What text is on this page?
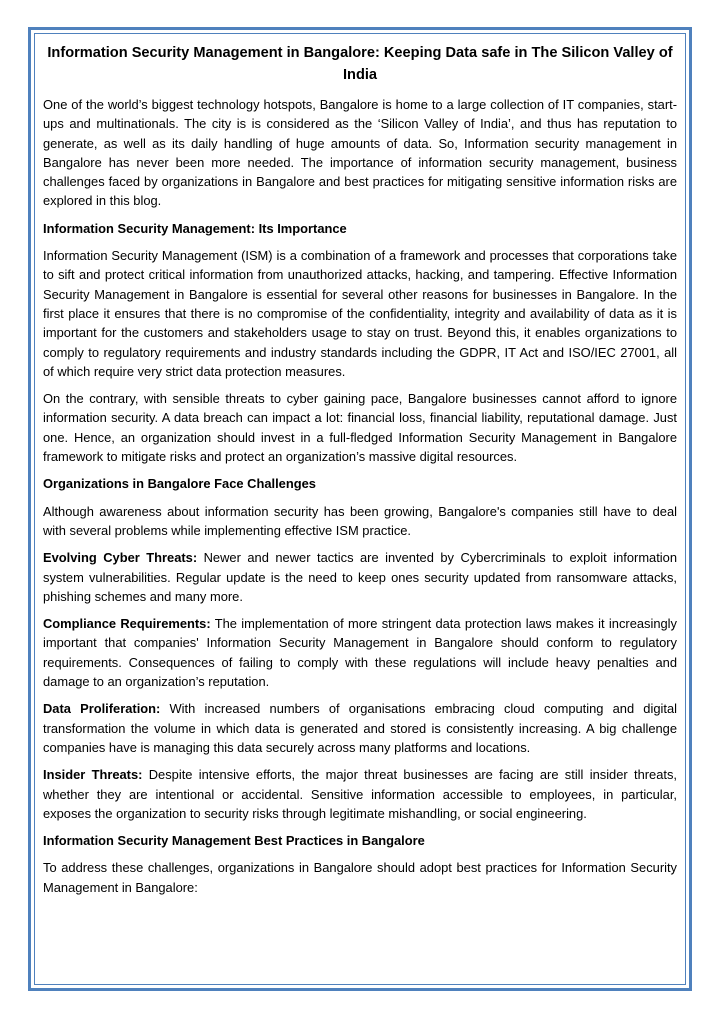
Information Security Management in Bangalore: Keeping Data safe in The Silicon Valley of India

One of the world’s biggest technology hotspots, Bangalore is home to a large collection of IT companies, start-ups and multinationals. The city is is considered as the ‘Silicon Valley of India’, and thus has reputation to generate, as well as its daily handling of huge amounts of data. So, Information security management in Bangalore has never been more needed. The importance of information security management, business challenges faced by organizations in Bangalore and best practices for mitigating sensitive information risks are explored in this blog.

Information Security Management: Its Importance

Information Security Management (ISM) is a combination of a framework and processes that corporations take to sift and protect critical information from unauthorized attacks, hacking, and tampering. Effective Information Security Management in Bangalore is essential for several other reasons for businesses in Bangalore. In the first place it ensures that there is no compromise of the confidentiality, integrity and availability of data as it is important for the customers and stakeholders usage to stay on trust. Beyond this, it enables organizations to comply to regulatory requirements and industry standards including the GDPR, IT Act and ISO/IEC 27001, all of which require very strict data protection measures.

On the contrary, with sensible threats to cyber gaining pace, Bangalore businesses cannot afford to ignore information security. A data breach can impact a lot: financial loss, financial liability, reputational damage. Just one. Hence, an organization should invest in a full-fledged Information Security Management in Bangalore framework to mitigate risks and protect an organization’s massive digital resources.

Organizations in Bangalore Face Challenges

Although awareness about information security has been growing, Bangalore's companies still have to deal with several problems while implementing effective ISM practice.

Evolving Cyber Threats: Newer and newer tactics are invented by Cybercriminals to exploit information system vulnerabilities. Regular update is the need to keep ones security updated from ransomware attacks, phishing schemes and many more.

Compliance Requirements: The implementation of more stringent data protection laws makes it increasingly important that companies' Information Security Management in Bangalore should conform to regulatory requirements. Consequences of failing to comply with these regulations will include heavy penalties and damage to an organization’s reputation.

Data Proliferation: With increased numbers of organisations embracing cloud computing and digital transformation the volume in which data is generated and stored is consistently increasing. A big challenge companies have is managing this data securely across many platforms and locations.

Insider Threats: Despite intensive efforts, the major threat businesses are facing are still insider threats, whether they are intentional or accidental. Sensitive information accessible to employees, in particular, exposes the organization to security risks through legitimate mishandling, or social engineering.

Information Security Management Best Practices in Bangalore

To address these challenges, organizations in Bangalore should adopt best practices for Information Security Management in Bangalore:
